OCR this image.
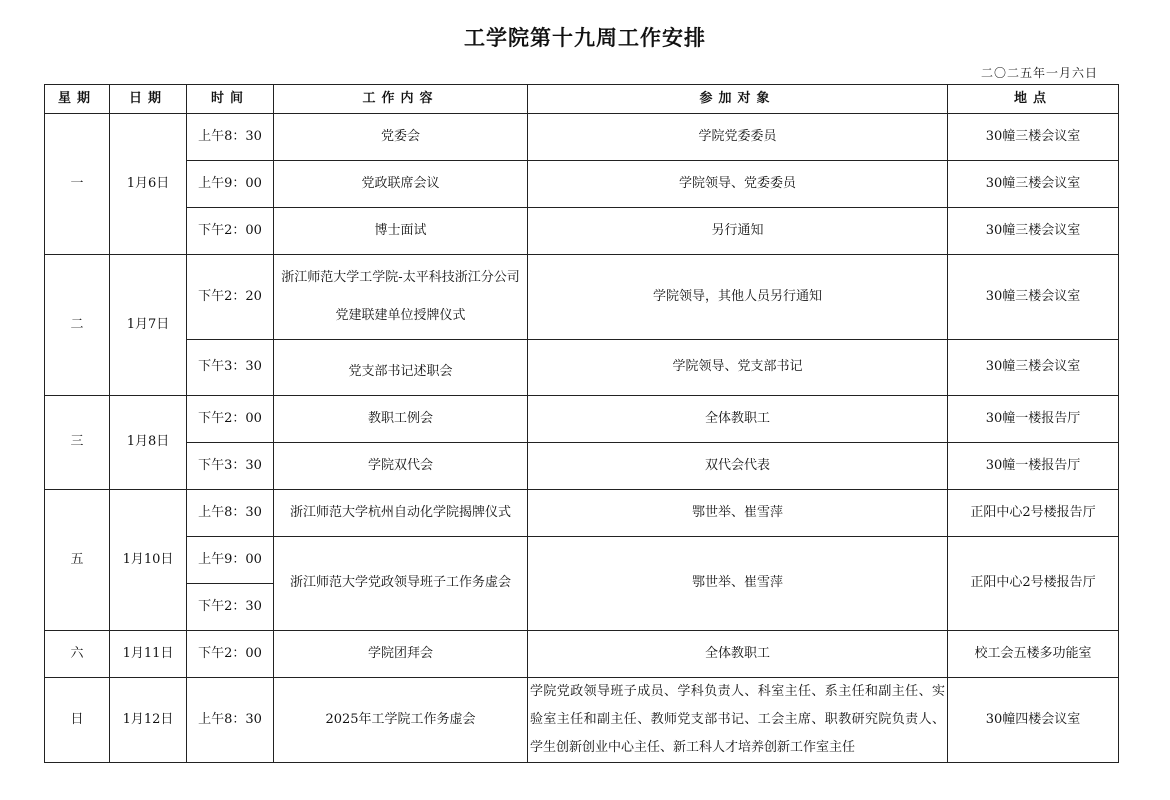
工学院第十九周工作安排
二〇二五年一月六日
星期	日期	时间	工作内容	参加对象	地点
一	1月6日	上午8：30	党委会	学院党委委员	30幢三楼会议室
		上午9：00	党政联席会议	学院领导、党委委员	30幢三楼会议室
		下午2：00	博士面试	另行通知	30幢三楼会议室
二	1月7日	下午2：20	浙江师范大学工学院-太平科技浙江分公司党建联建单位授牌仪式	学院领导，其他人员另行通知	30幢三楼会议室
		下午3：30	党支部书记述职会	学院领导、党支部书记	30幢三楼会议室
三	1月8日	下午2：00	教职工例会	全体教职工	30幢一楼报告厅
		下午3：30	学院双代会	双代会代表	30幢一楼报告厅
五	1月10日	上午8：30	浙江师范大学杭州自动化学院揭牌仪式	鄂世举、崔雪萍	正阳中心2号楼报告厅
		上午9：00	浙江师范大学党政领导班子工作务虚会	鄂世举、崔雪萍	正阳中心2号楼报告厅
		下午2：30			
六	1月11日	下午2：00	学院团拜会	全体教职工	校工会五楼多功能室
日	1月12日	上午8：30	2025年工学院工作务虚会	学院党政领导班子成员、学科负责人、科室主任、系主任和副主任、实验室主任和副主任、教师党支部书记、工会主席、职教研究院负责人、学生创新创业中心主任、新工科人才培养创新工作室主任	30幢四楼会议室
